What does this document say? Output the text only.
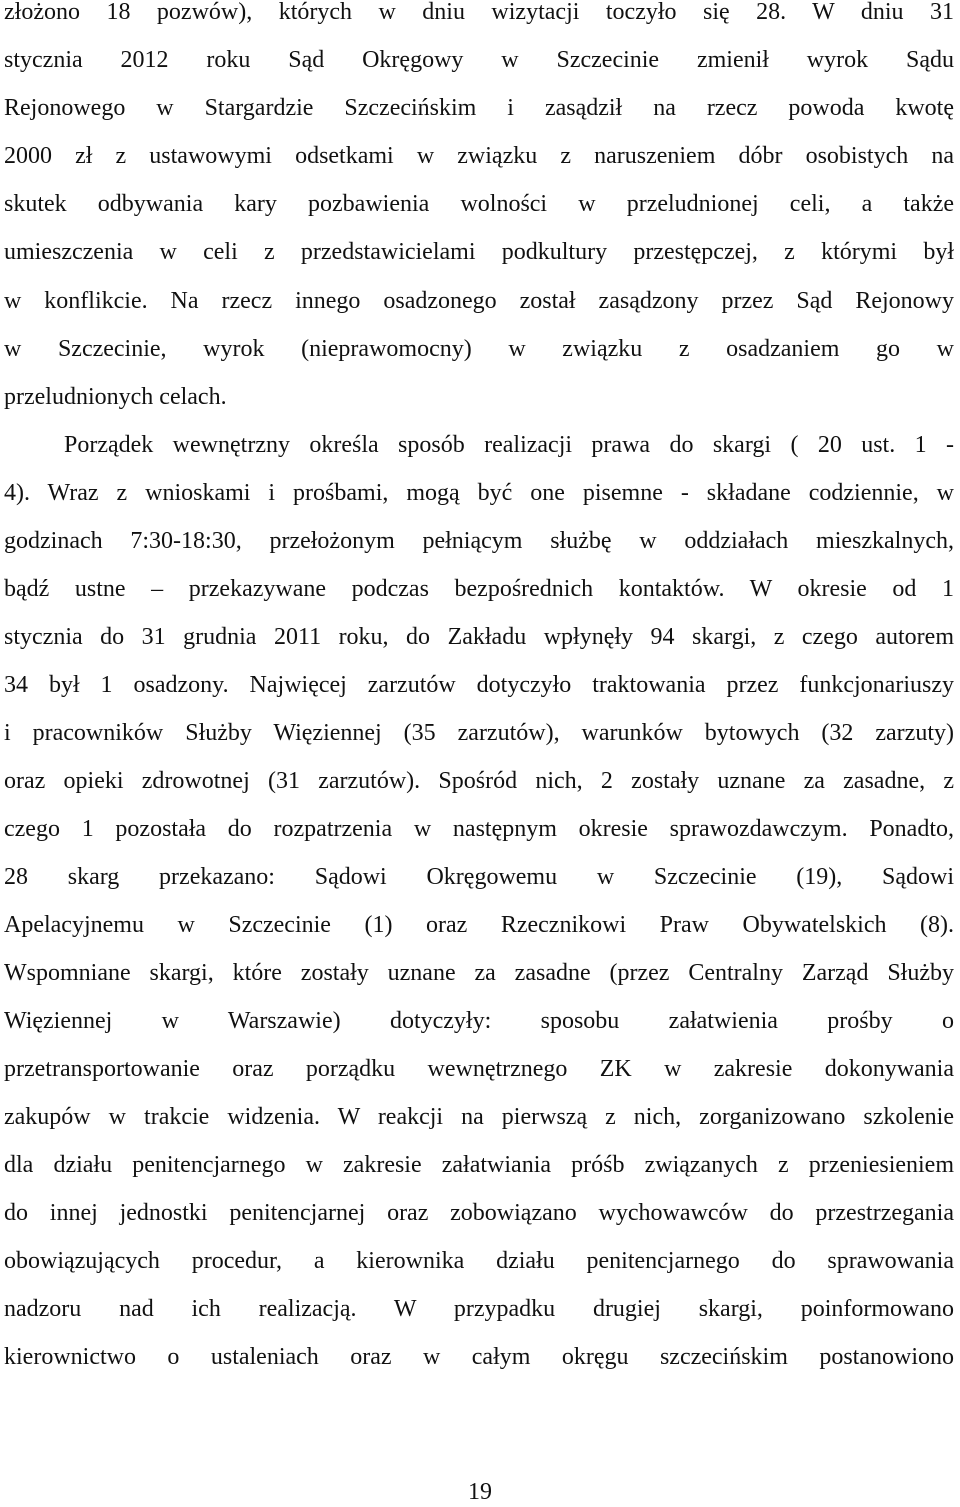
złożono 18 pozwów), których w dniu wizytacji toczyło się 28. W dniu 31
stycznia 2012 roku Sąd Okręgowy w Szczecinie zmienił wyrok Sądu
Rejonowego w Stargardzie Szczecińskim i zasądził na rzecz powoda kwotę
2000 zł z ustawowymi odsetkami w związku z naruszeniem dóbr osobistych na
skutek odbywania kary pozbawienia wolności w przeludnionej celi, a także
umieszczenia w celi z przedstawicielami podkultury przestępczej, z którymi był
w konflikcie. Na rzecz innego osadzonego został zasądzony przez Sąd Rejonowy
w Szczecinie, wyrok (nieprawomocny) w związku z osadzaniem go w
przeludnionych celach.
Porządek wewnętrzny określa sposób realizacji prawa do skargi ( 20 ust. 1 -
4). Wraz z wnioskami i prośbami, mogą być one pisemne - składane codziennie, w
godzinach 7:30-18:30, przełożonym pełniącym służbę w oddziałach mieszkalnych,
bądź ustne – przekazywane podczas bezpośrednich kontaktów. W okresie od 1
stycznia do 31 grudnia 2011 roku, do Zakładu wpłynęły 94 skargi, z czego autorem
34 był 1 osadzony. Najwięcej zarzutów dotyczyło traktowania przez funkcjonariuszy
i pracowników Służby Więziennej (35 zarzutów), warunków bytowych (32 zarzuty)
oraz opieki zdrowotnej (31 zarzutów). Spośród nich, 2 zostały uznane za zasadne, z
czego 1 pozostała do rozpatrzenia w następnym okresie sprawozdawczym. Ponadto,
28 skarg przekazano: Sądowi Okręgowemu w Szczecinie (19), Sądowi
Apelacyjnemu w Szczecinie (1) oraz Rzecznikowi Praw Obywatelskich (8).
Wspomniane skargi, które zostały uznane za zasadne (przez Centralny Zarząd Służby
Więziennej w Warszawie) dotyczyły: sposobu załatwienia prośby o
przetransportowanie oraz porządku wewnętrznego ZK w zakresie dokonywania
zakupów w trakcie widzenia. W reakcji na pierwszą z nich, zorganizowano szkolenie
dla działu penitencjarnego w zakresie załatwiania próśb związanych z przeniesieniem
do innej jednostki penitencjarnej oraz zobowiązano wychowawców do przestrzegania
obowiązujących procedur, a kierownika działu penitencjarnego do sprawowania
nadzoru nad ich realizacją. W przypadku drugiej skargi, poinformowano
kierownictwo o ustaleniach oraz w całym okręgu szczecińskim postanowiono
19
